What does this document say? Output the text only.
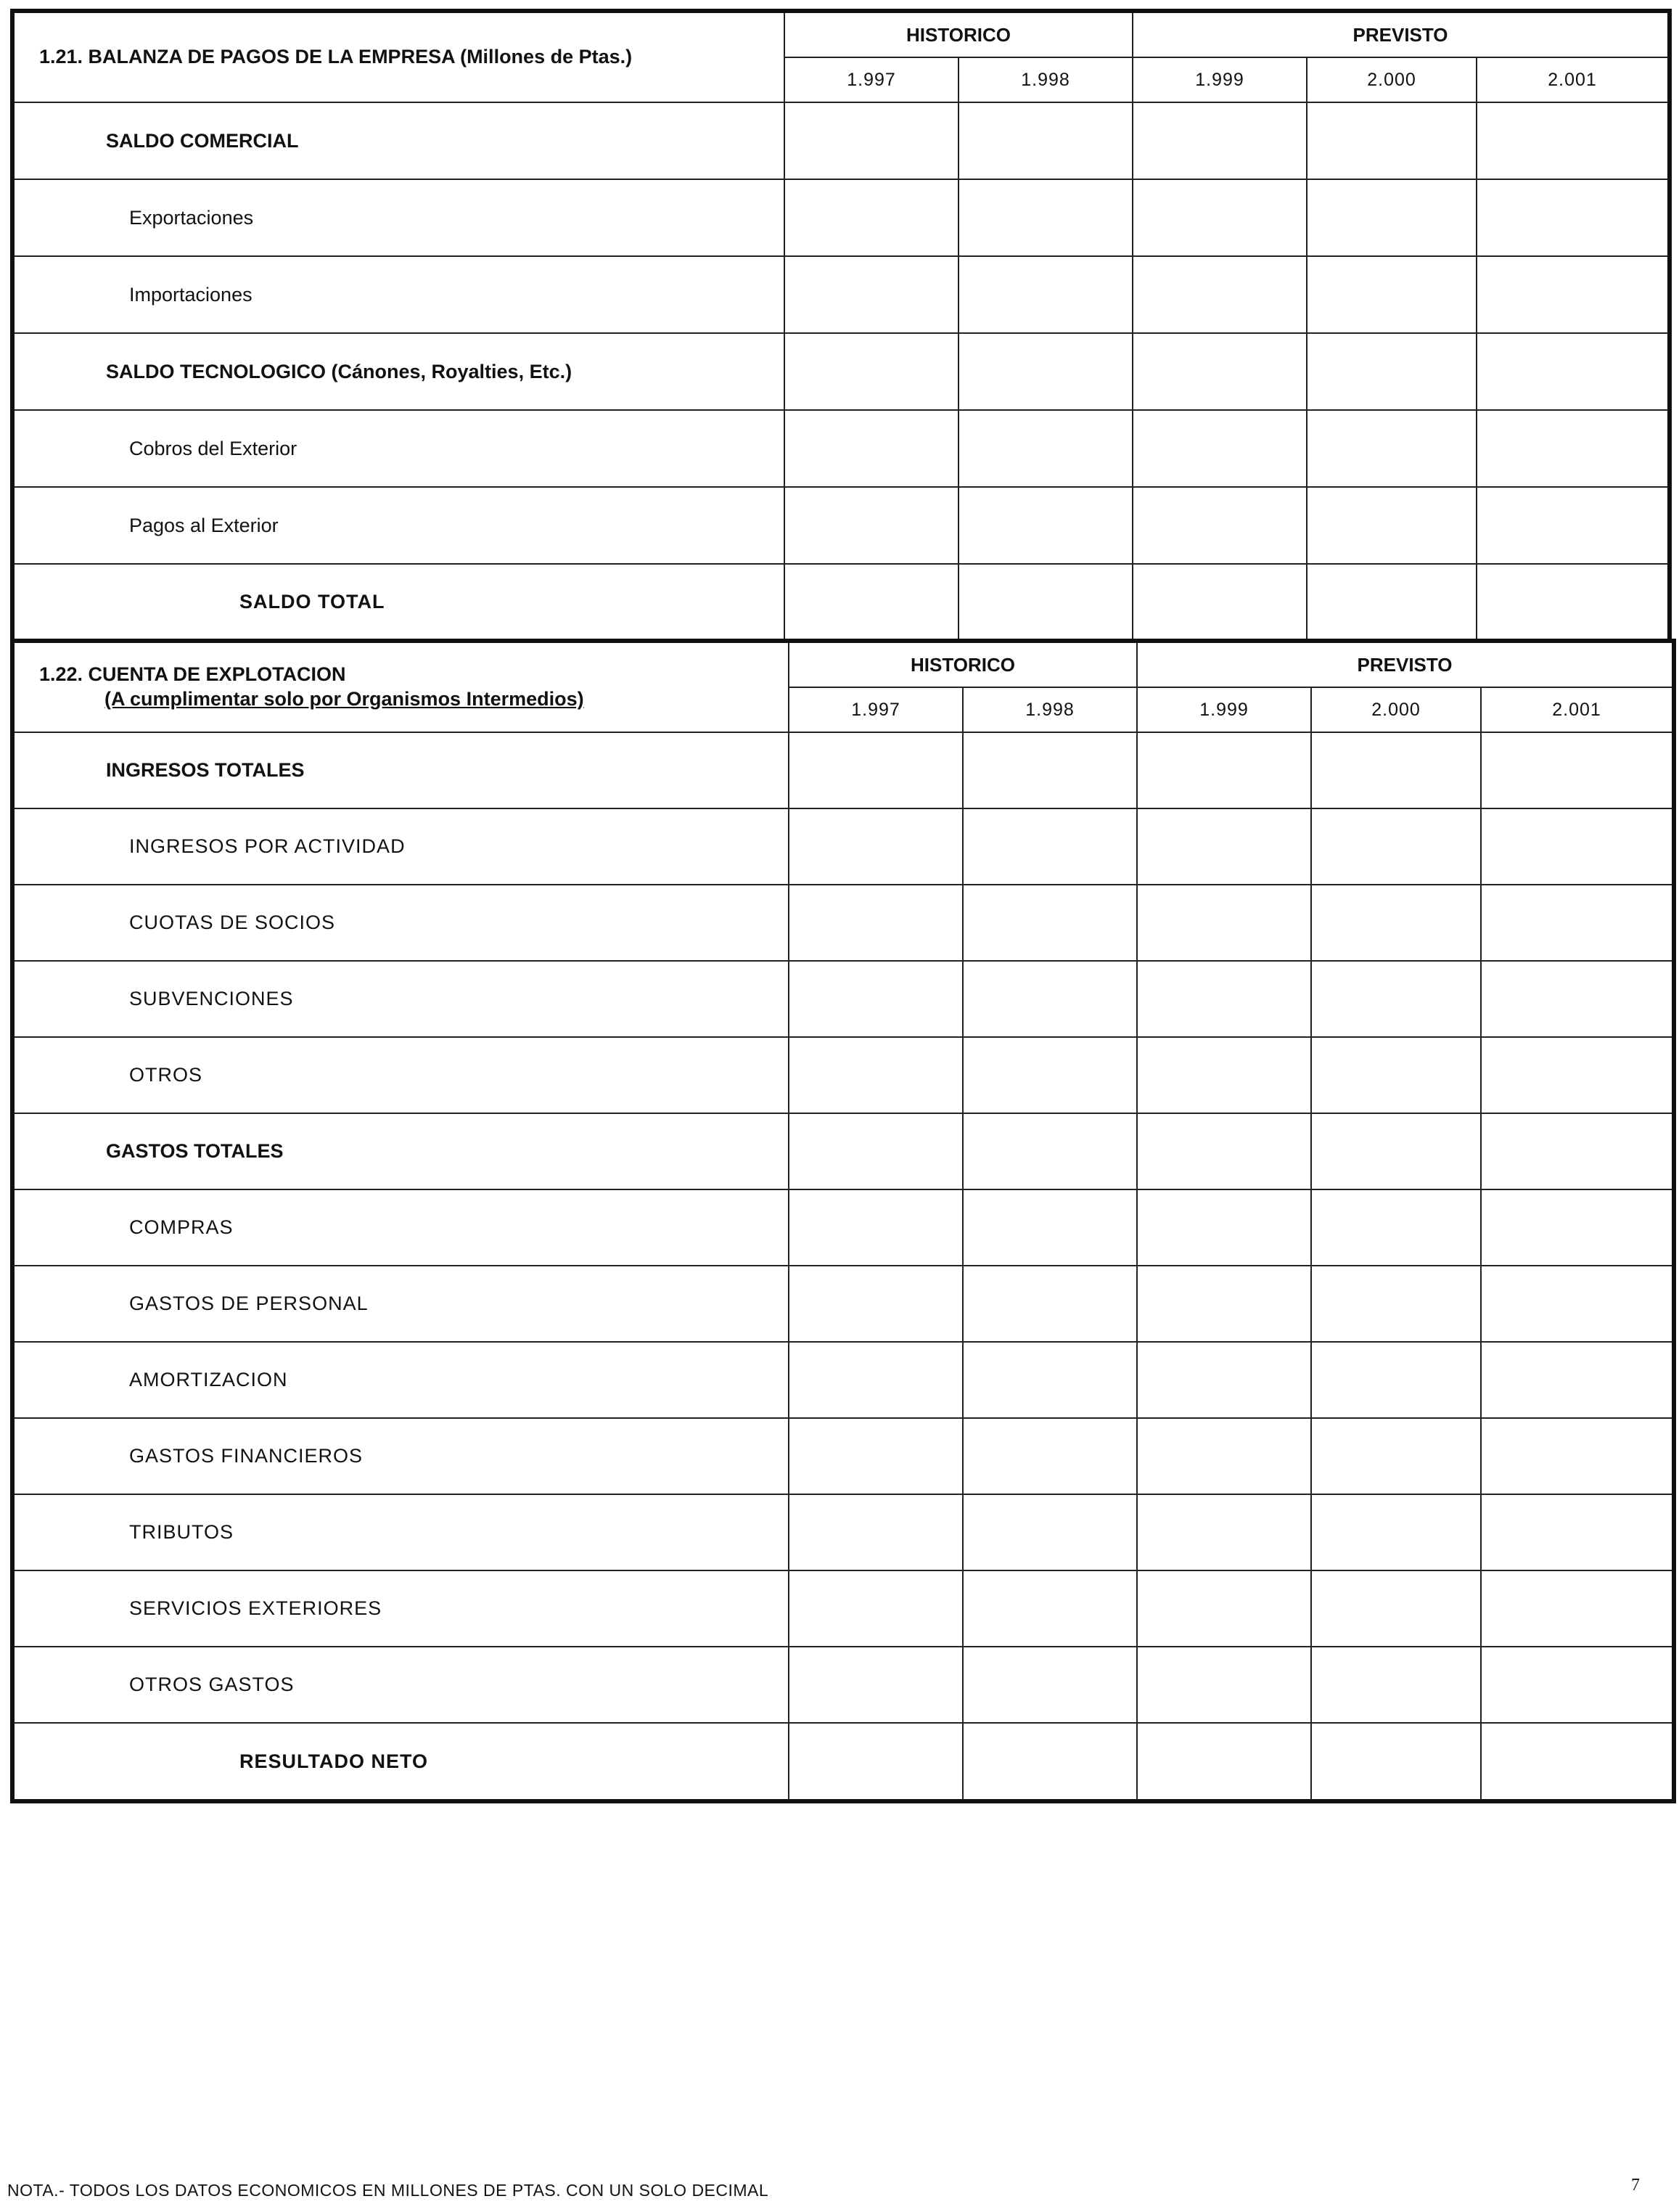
1.21. BALANZA DE PAGOS DE LA EMPRESA (Millones de Ptas.)	HISTORICO		PREVISTO		
	1.997	1.998	1.999	2.000	2.001
SALDO COMERCIAL					
Exportaciones					
Importaciones					
SALDO TECNOLOGICO (Cánones, Royalties, Etc.)					
Cobros del Exterior					
Pagos al Exterior					
SALDO TOTAL					
1.22. CUENTA DE EXPLOTACION
(A cumplimentar solo por Organismos Intermedios)	HISTORICO		PREVISTO		
	1.997	1.998	1.999	2.000	2.001
INGRESOS TOTALES					
INGRESOS POR ACTIVIDAD					
CUOTAS DE SOCIOS					
SUBVENCIONES					
OTROS					
GASTOS TOTALES					
COMPRAS					
GASTOS DE PERSONAL					
AMORTIZACION					
GASTOS FINANCIEROS					
TRIBUTOS					
SERVICIOS EXTERIORES					
OTROS GASTOS					
RESULTADO NETO					
NOTA.- TODOS LOS DATOS ECONOMICOS EN MILLONES DE PTAS. CON UN SOLO DECIMAL	7
